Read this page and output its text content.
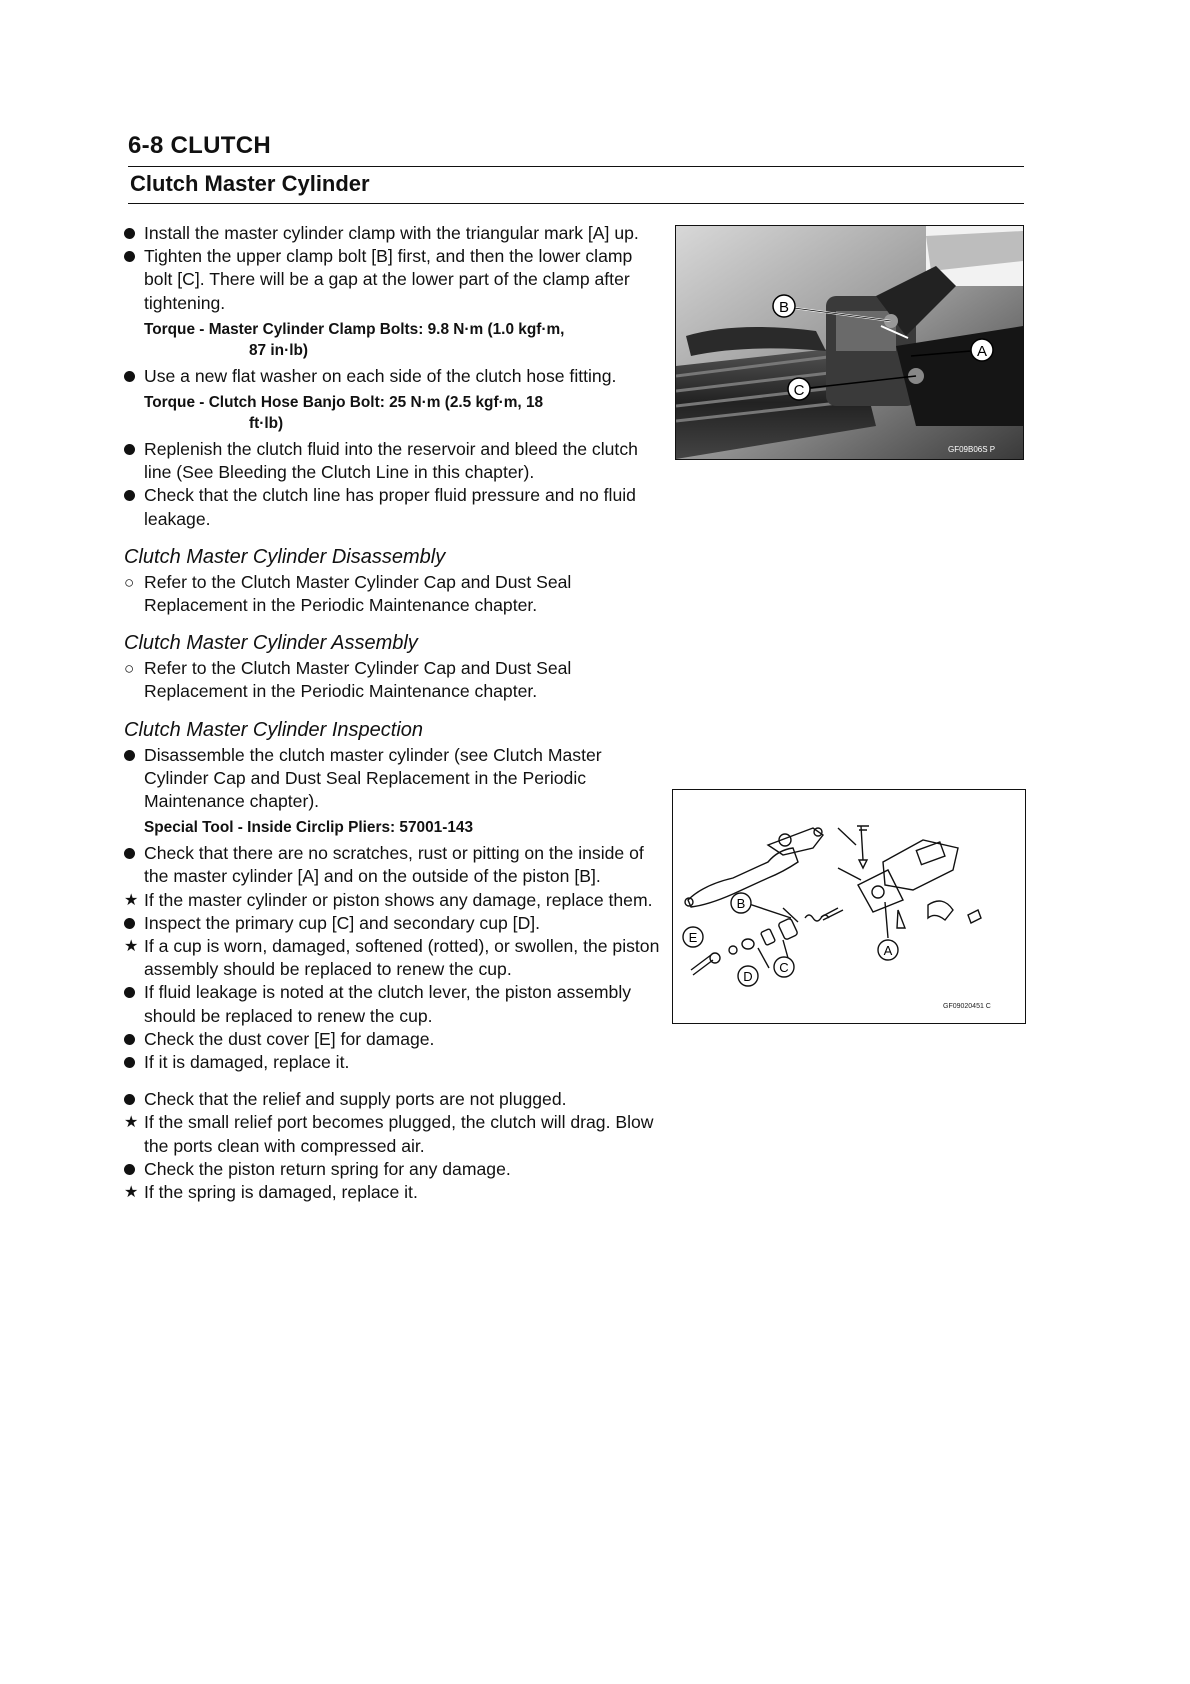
6-8 CLUTCH
Clutch Master Cylinder
Install the master cylinder clamp with the triangular mark [A] up.
Tighten the upper clamp bolt [B] first, and then the lower clamp bolt [C]. There will be a gap at the lower part of the clamp after tightening.
Torque - Master Cylinder Clamp Bolts: 9.8 N·m (1.0 kgf·m,
87 in·lb)
Use a new flat washer on each side of the clutch hose fitting.
Torque - Clutch Hose Banjo Bolt: 25 N·m (2.5 kgf·m, 18
ft·lb)
Replenish the clutch fluid into the reservoir and bleed the clutch line (See Bleeding the Clutch Line in this chapter).
Check that the clutch line has proper fluid pressure and no fluid leakage.
Clutch Master Cylinder Disassembly
○ Refer to the Clutch Master Cylinder Cap and Dust Seal Replacement in the Periodic Maintenance chapter.
Clutch Master Cylinder Assembly
○ Refer to the Clutch Master Cylinder Cap and Dust Seal Replacement in the Periodic Maintenance chapter.
Clutch Master Cylinder Inspection
Disassemble the clutch master cylinder (see Clutch Master Cylinder Cap and Dust Seal Replacement in the Periodic Maintenance chapter).
Special Tool - Inside Circlip Pliers: 57001-143
Check that there are no scratches, rust or pitting on the inside of the master cylinder [A] and on the outside of the piston [B].
★ If the master cylinder or piston shows any damage, replace them.
Inspect the primary cup [C] and secondary cup [D].
★ If a cup is worn, damaged, softened (rotted), or swollen, the piston assembly should be replaced to renew the cup.
If fluid leakage is noted at the clutch lever, the piston assembly should be replaced to renew the cup.
Check the dust cover [E] for damage.
If it is damaged, replace it.
Check that the relief and supply ports are not plugged.
★ If the small relief port becomes plugged, the clutch will drag. Blow the ports clean with compressed air.
Check the piston return spring for any damage.
★ If the spring is damaged, replace it.
B
A
C
GF09B06S P
B
E
D
C
A
GF09020451 C
